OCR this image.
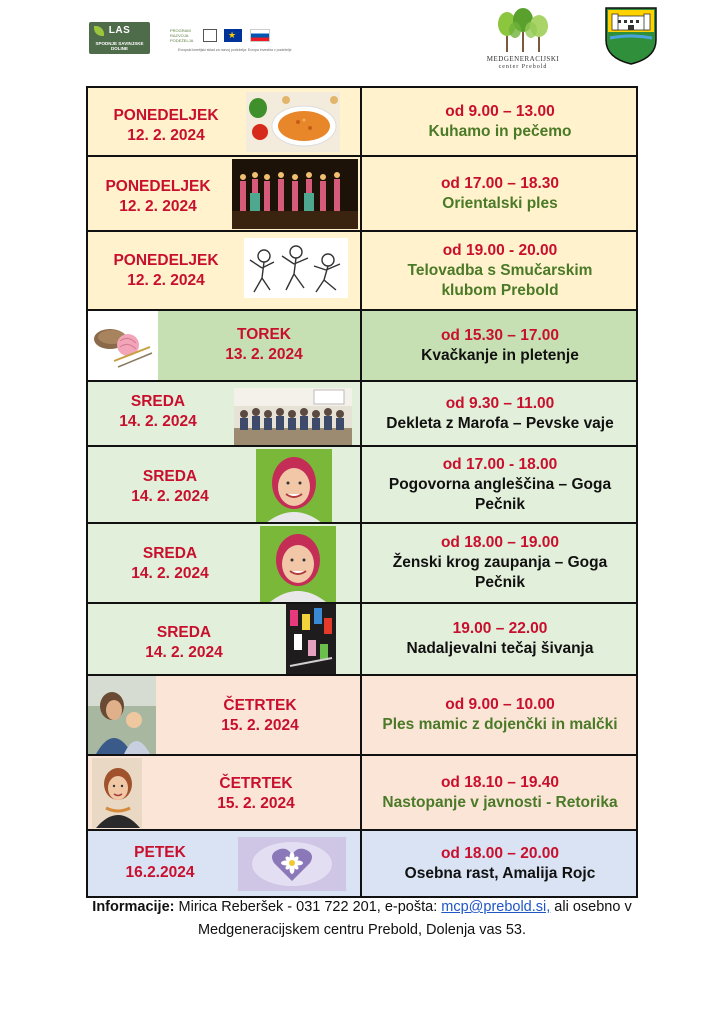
LAS
SPODNJE SAVINJSKE DOLINE
PROGRAM RAZVOJA PODEŽELJA
★
Evropski kmetijski sklad za razvoj podeželja: Evropa investira v podeželje
MEDGENERACIJSKI
center Prebold
PONEDELJEK
12. 2. 2024
od 9.00 – 13.00
Kuhamo in pečemo
PONEDELJEK
12. 2. 2024
od 17.00 – 18.30
Orientalski ples
PONEDELJEK
12. 2. 2024
od 19.00 - 20.00
Telovadba s Smučarskim
klubom Prebold
TOREK
13. 2. 2024
od 15.30 – 17.00
Kvačkanje in pletenje
SREDA
14. 2. 2024
od 9.30 – 11.00
Dekleta z Marofa – Pevske vaje
SREDA
14. 2. 2024
od 17.00 - 18.00
Pogovorna angleščina – Goga
Pečnik
SREDA
14. 2. 2024
od 18.00 – 19.00
Ženski krog zaupanja – Goga
Pečnik
SREDA
14. 2. 2024
19.00 – 22.00
Nadaljevalni tečaj šivanja
ČETRTEK
15. 2. 2024
od 9.00 – 10.00
Ples mamic z dojenčki in malčki
ČETRTEK
15. 2. 2024
od 18.10 – 19.40
Nastopanje v javnosti - Retorika
PETEK
16.2.2024
od 18.00 – 20.00
Osebna rast, Amalija Rojc
Informacije: Mirica Reberšek - 031 722 201, e-pošta: mcp@prebold.si, ali osebno v
Medgeneracijskem centru Prebold, Dolenja vas 53.
